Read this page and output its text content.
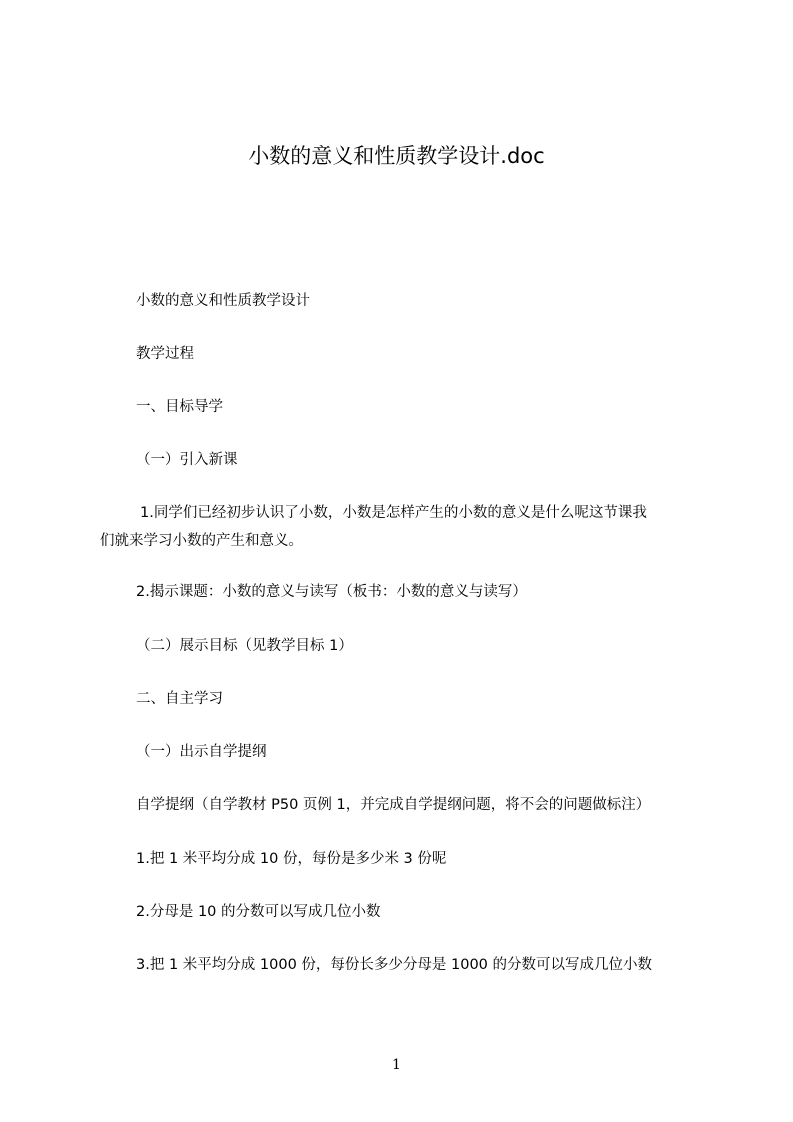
小数的意义和性质教学设计.doc
小数的意义和性质教学设计
教学过程
一、目标导学
（一）引入新课
1.同学们已经初步认识了小数，小数是怎样产生的小数的意义是什么呢这节课我
们就来学习小数的产生和意义。
2.揭示课题：小数的意义与读写（板书：小数的意义与读写）
（二）展示目标（见教学目标 1）
二、自主学习
（一）出示自学提纲
自学提纲（自学教材 P50 页例 1，并完成自学提纲问题，将不会的问题做标注）
1.把 1 米平均分成 10 份，每份是多少米 3 份呢
2.分母是 10 的分数可以写成几位小数
3.把 1 米平均分成 1000 份，每份长多少分母是 1000 的分数可以写成几位小数
1
